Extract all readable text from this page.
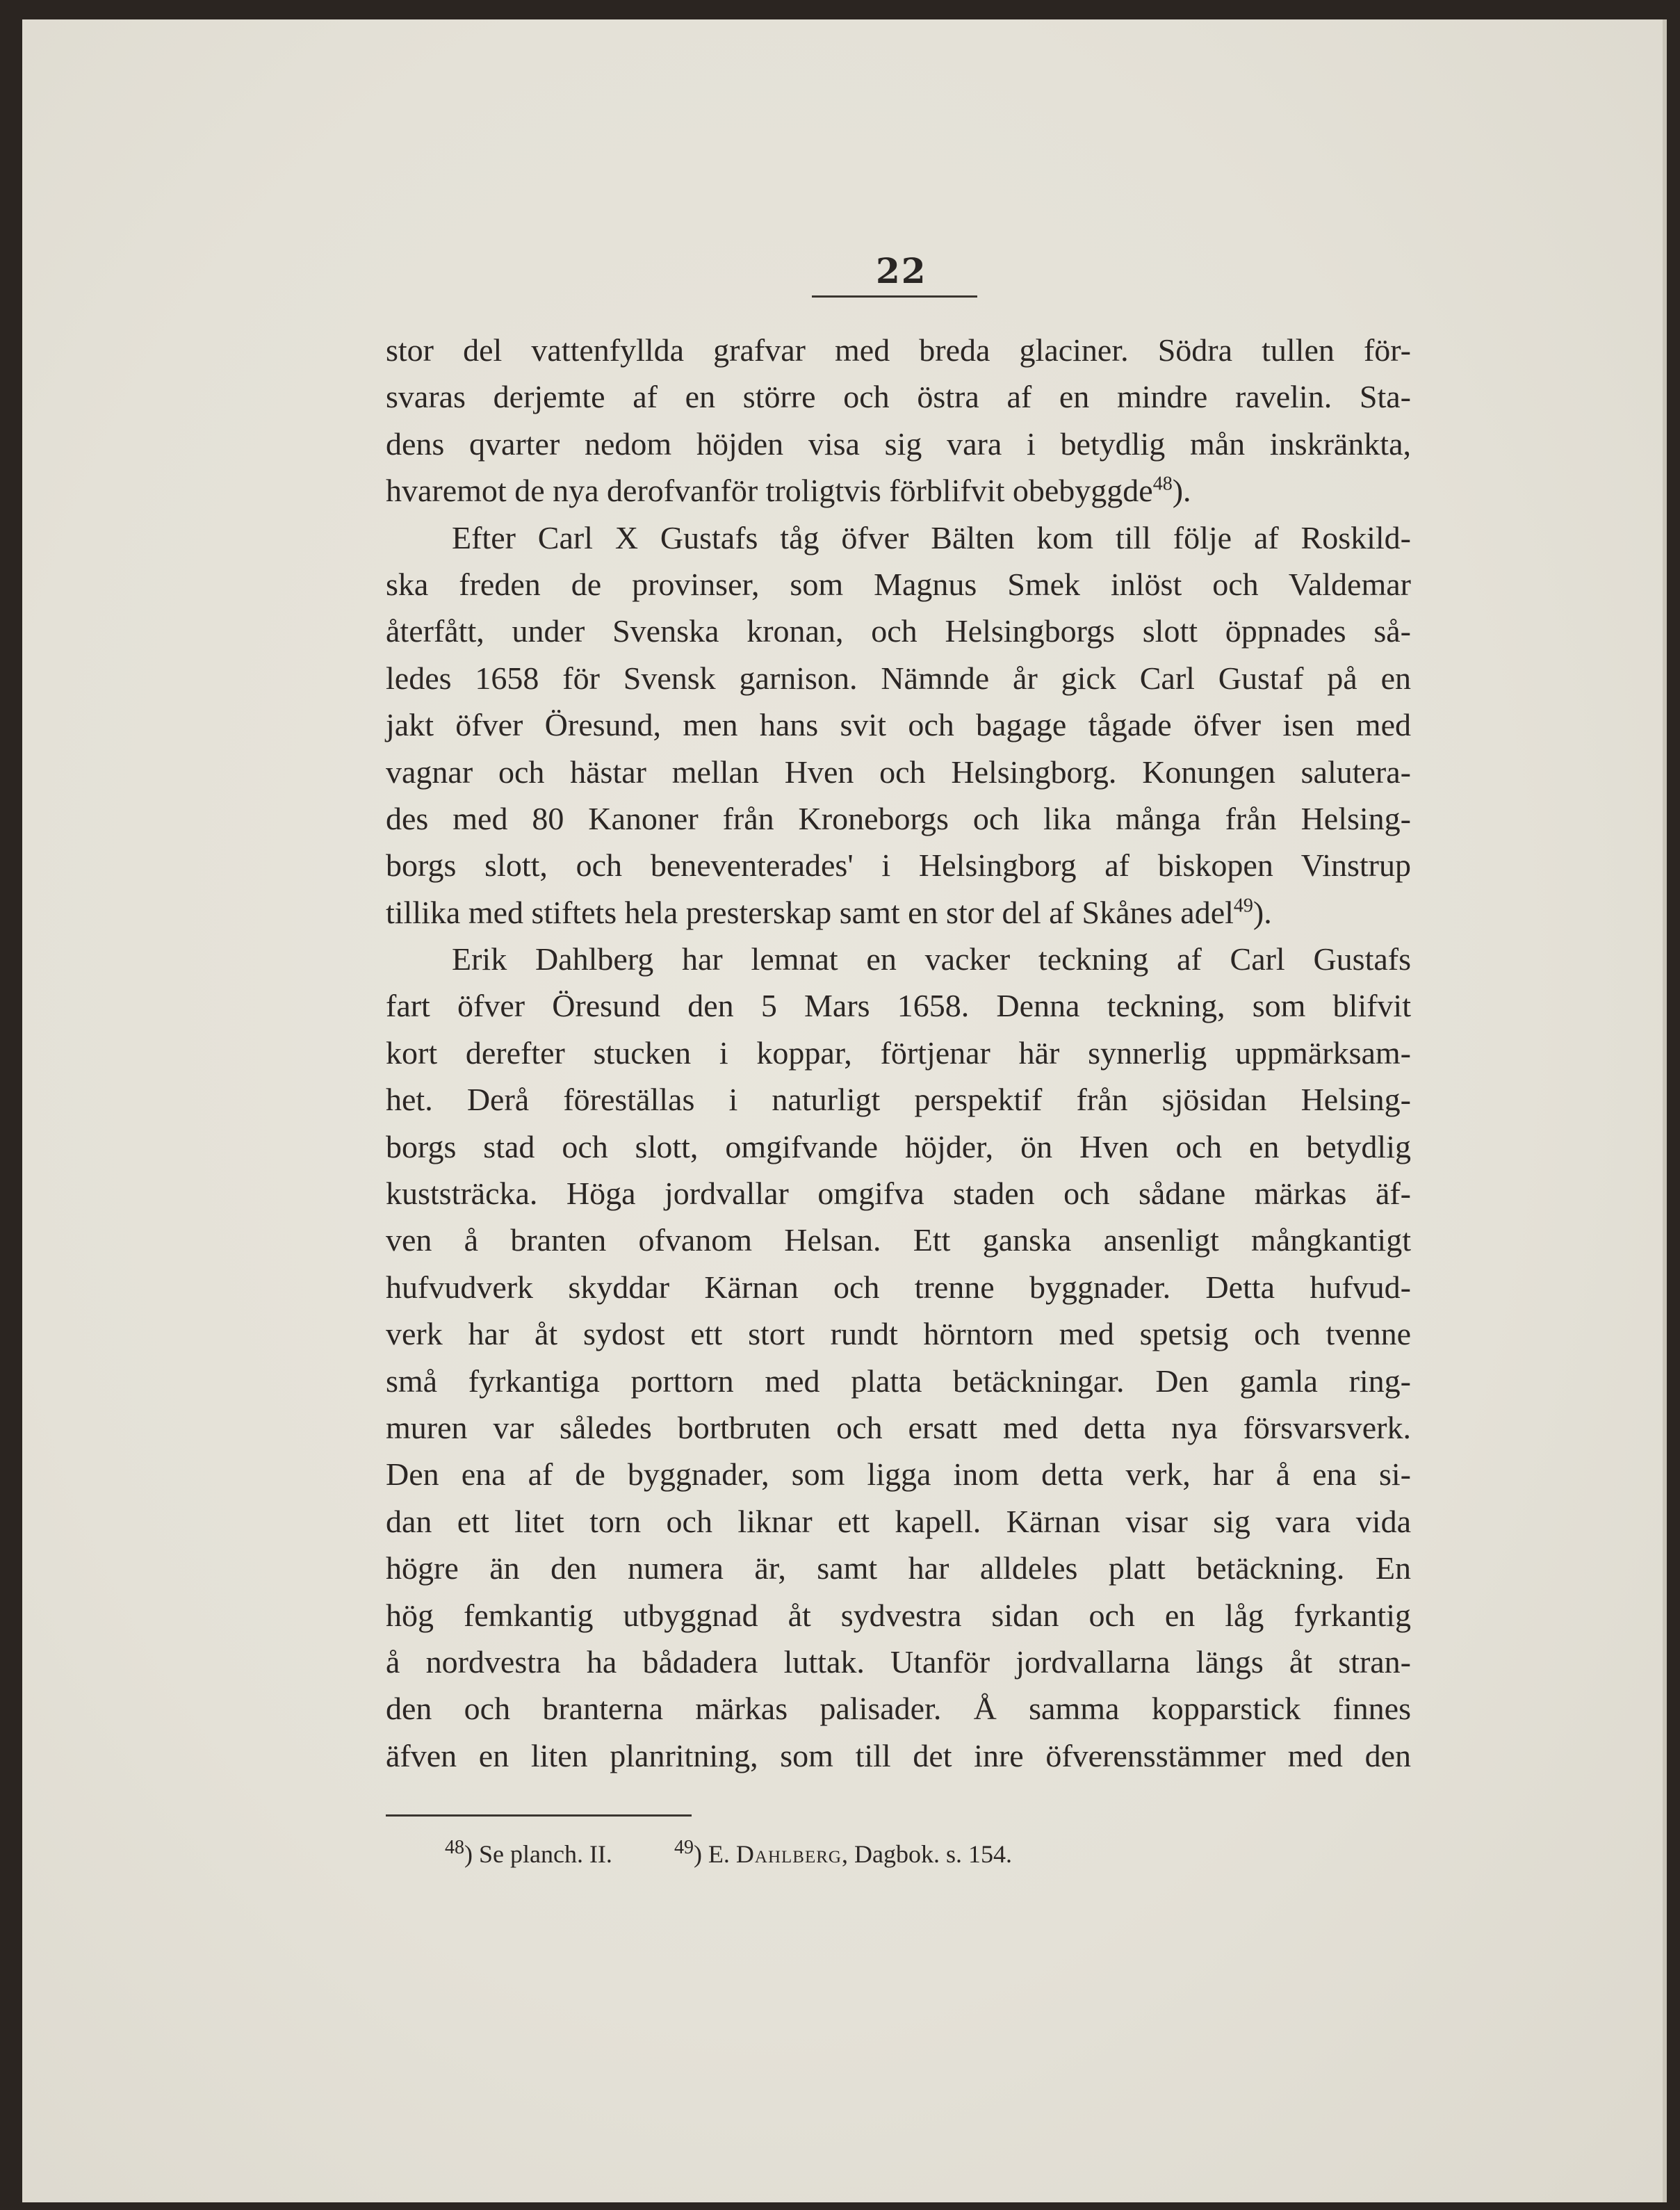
22
stor del vattenfyllda grafvar med breda glaciner. Södra tullen för-
svaras derjemte af en större och östra af en mindre ravelin. Sta-
dens qvarter nedom höjden visa sig vara i betydlig mån inskränkta,
hvaremot de nya derofvanför troligtvis förblifvit obebyggde$^{48}$).
Efter Carl X Gustafs tåg öfver Bälten kom till följe af Roskild-
ska freden de provinser, som Magnus Smek inlöst och Valdemar
återfått, under Svenska kronan, och Helsingborgs slott öppnades så-
ledes 1658 för Svensk garnison. Nämnde år gick Carl Gustaf på en
jakt öfver Öresund, men hans svit och bagage tågade öfver isen med
vagnar och hästar mellan Hven och Helsingborg. Konungen salutera-
des med 80 Kanoner från Kroneborgs och lika många från Helsing-
borgs slott, och beneventerades' i Helsingborg af biskopen Vinstrup
tillika med stiftets hela presterskap samt en stor del af Skånes adel$^{49}$).
Erik Dahlberg har lemnat en vacker teckning af Carl Gustafs
fart öfver Öresund den 5 Mars 1658. Denna teckning, som blifvit
kort derefter stucken i koppar, förtjenar här synnerlig uppmärksam-
het. Derå föreställas i naturligt perspektif från sjösidan Helsing-
borgs stad och slott, omgifvande höjder, ön Hven och en betydlig
kuststräcka. Höga jordvallar omgifva staden och sådane märkas äf-
ven å branten ofvanom Helsan. Ett ganska ansenligt mångkantigt
hufvudverk skyddar Kärnan och trenne byggnader. Detta hufvud-
verk har åt sydost ett stort rundt hörntorn med spetsig och tvenne
små fyrkantiga porttorn med platta betäckningar. Den gamla ring-
muren var således bortbruten och ersatt med detta nya försvarsverk.
Den ena af de byggnader, som ligga inom detta verk, har å ena si-
dan ett litet torn och liknar ett kapell. Kärnan visar sig vara vida
högre än den numera är, samt har alldeles platt betäckning. En
hög femkantig utbyggnad åt sydvestra sidan och en låg fyrkantig
å nordvestra ha bådadera luttak. Utanför jordvallarna längs åt stran-
den och branterna märkas palisader. Å samma kopparstick finnes
äfven en liten planritning, som till det inre öfverensstämmer med den
$^{48}$) Se planch. II.	$^{49}$) E. Dahlberg, Dagbok. s. 154.
